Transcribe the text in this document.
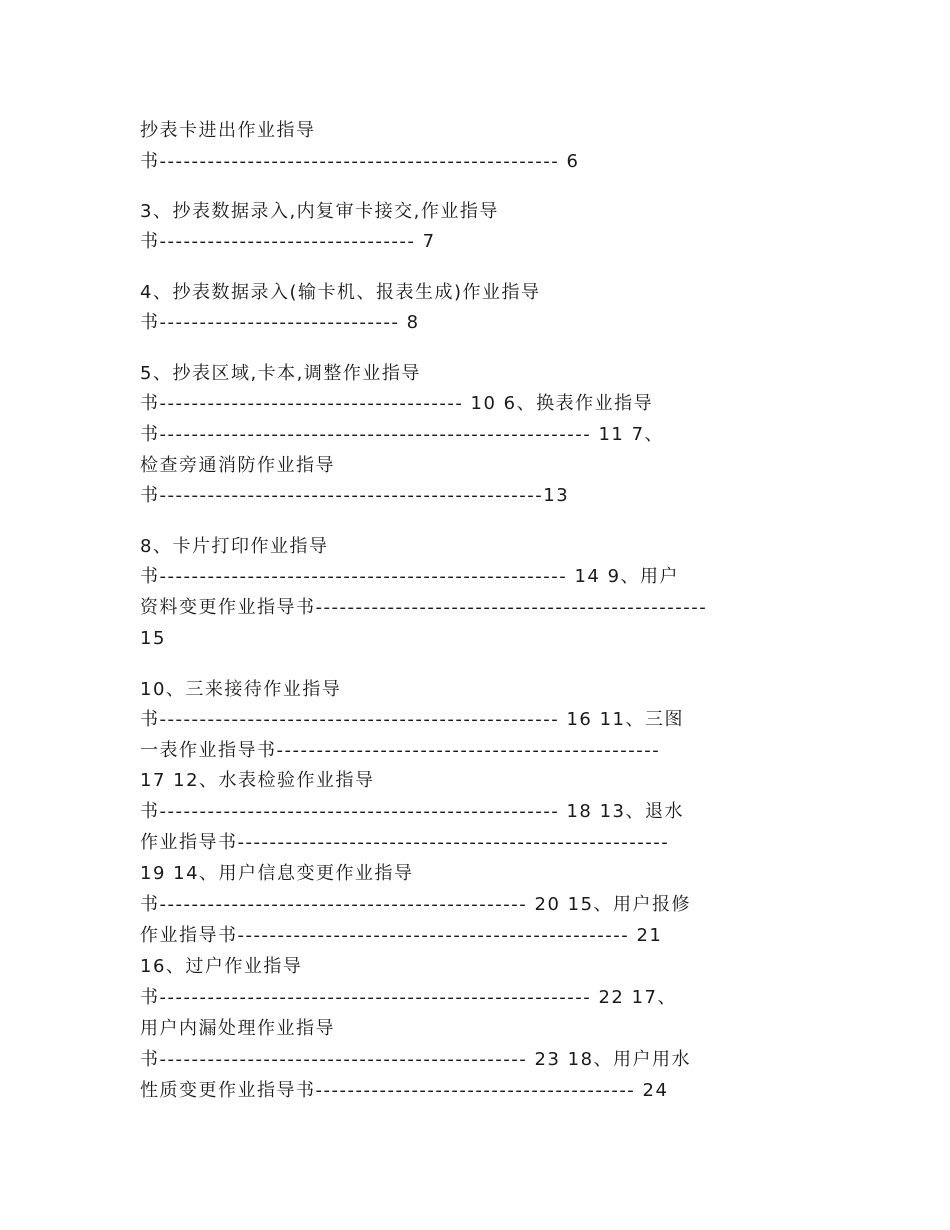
抄表卡进出作业指导
书-------------------------------------------------- 6
3、抄表数据录入,内复审卡接交,作业指导
书-------------------------------- 7
4、抄表数据录入(输卡机、报表生成)作业指导
书------------------------------ 8
5、抄表区域,卡本,调整作业指导
书-------------------------------------- 10 6、换表作业指导
书------------------------------------------------------ 11 7、
检查旁通消防作业指导
书------------------------------------------------13
8、卡片打印作业指导
书--------------------------------------------------- 14 9、用户
资料变更作业指导书-------------------------------------------------
15
10、三来接待作业指导
书-------------------------------------------------- 16 11、三图
一表作业指导书------------------------------------------------
17 12、水表检验作业指导
书-------------------------------------------------- 18 13、退水
作业指导书------------------------------------------------------
19 14、用户信息变更作业指导
书---------------------------------------------- 20 15、用户报修
作业指导书------------------------------------------------- 21
16、过户作业指导
书------------------------------------------------------ 22 17、
用户内漏处理作业指导
书---------------------------------------------- 23 18、用户用水
性质变更作业指导书---------------------------------------- 24
